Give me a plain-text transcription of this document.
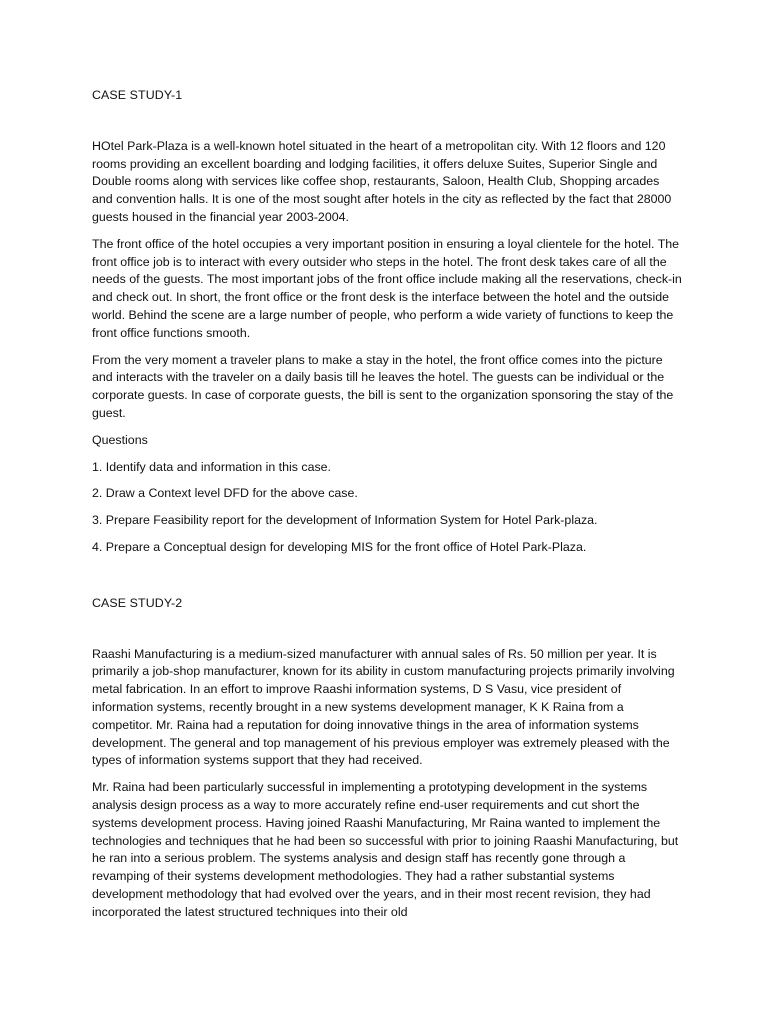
CASE STUDY-1

HOtel Park-Plaza is a well-known hotel situated in the heart of a metropolitan city. With 12 floors and 120 rooms providing an excellent boarding and lodging facilities, it offers deluxe Suites, Superior Single and Double rooms along with services like coffee shop, restaurants, Saloon, Health Club, Shopping arcades and convention halls. It is one of the most sought after hotels in the city as reflected by the fact that 28000 guests housed in the financial year 2003-2004.

The front office of the hotel occupies a very important position in ensuring a loyal clientele for the hotel. The front office job is to interact with every outsider who steps in the hotel. The front desk takes care of all the needs of the guests. The most important jobs of the front office include making all the reservations, check-in and check out. In short, the front office or the front desk is the interface between the hotel and the outside world. Behind the scene are a large number of people, who perform a wide variety of functions to keep the front office functions smooth.

From the very moment a traveler plans to make a stay in the hotel, the front office comes into the picture and interacts with the traveler on a daily basis till he leaves the hotel. The guests can be individual or the corporate guests. In case of corporate guests, the bill is sent to the organization sponsoring the stay of the guest.

Questions
1. Identify data and information in this case.
2. Draw a Context level DFD for the above case.
3. Prepare Feasibility report for the development of Information System for Hotel Park-plaza.
4. Prepare a Conceptual design for developing MIS for the front office of Hotel Park-Plaza.
CASE STUDY-2

Raashi Manufacturing is a medium-sized manufacturer with annual sales of Rs. 50 million per year. It is primarily a job-shop manufacturer, known for its ability in custom manufacturing projects primarily involving metal fabrication. In an effort to improve Raashi information systems, D S Vasu, vice president of information systems, recently brought in a new systems development manager, K K Raina from a competitor. Mr. Raina had a reputation for doing innovative things in the area of information systems development. The general and top management of his previous employer was extremely pleased with the types of information systems support that they had received.

Mr. Raina had been particularly successful in implementing a prototyping development in the systems analysis design process as a way to more accurately refine end-user requirements and cut short the systems development process. Having joined Raashi Manufacturing, Mr Raina wanted to implement the technologies and techniques that he had been so successful with prior to joining Raashi Manufacturing, but he ran into a serious problem. The systems analysis and design staff has recently gone through a revamping of their systems development methodologies. They had a rather substantial systems development methodology that had evolved over the years, and in their most recent revision, they had incorporated the latest structured techniques into their old
